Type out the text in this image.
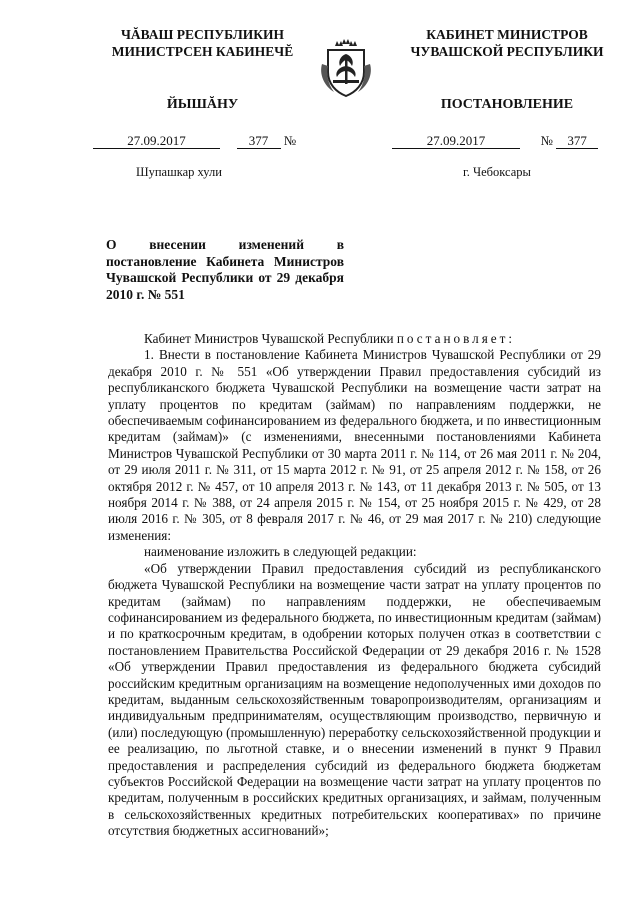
ЧĂВАШ РЕСПУБЛИКИН
МИНИСТРСЕН КАБИНЕЧĔ
ЙЫШĂНУ
КАБИНЕТ МИНИСТРОВ
ЧУВАШСКОЙ РЕСПУБЛИКИ
ПОСТАНОВЛЕНИЕ
27.09.2017	377 №	27.09.2017	№ 377
Шупашкар хули	г. Чебоксары
О внесении изменений в постановление Кабинета Министров Чувашской Республики от 29 декабря 2010 г. № 551

Кабинет Министров Чувашской Республики постановляет:

1. Внести в постановление Кабинета Министров Чувашской Республики от 29 декабря 2010 г. № 551 «Об утверждении Правил предоставления субсидий из республиканского бюджета Чувашской Республики на возмещение части затрат на уплату процентов по кредитам (займам) по направлениям поддержки, не обеспечиваемым софинансированием из федерального бюджета, и по инвестиционным кредитам (займам)» (с изменениями, внесенными постановлениями Кабинета Министров Чувашской Республики от 30 марта 2011 г. № 114, от 26 мая 2011 г. № 204, от 29 июля 2011 г. № 311, от 15 марта 2012 г. № 91, от 25 апреля 2012 г. № 158, от 26 октября 2012 г. № 457, от 10 апреля 2013 г. № 143, от 11 декабря 2013 г. № 505, от 13 ноября 2014 г. № 388, от 24 апреля 2015 г. № 154, от 25 ноября 2015 г. № 429, от 28 июля 2016 г. № 305, от 8 февраля 2017 г. № 46, от 29 мая 2017 г. № 210) следующие изменения:

наименование изложить в следующей редакции:

«Об утверждении Правил предоставления субсидий из республиканского бюджета Чувашской Республики на возмещение части затрат на уплату процентов по кредитам (займам) по направлениям поддержки, не обеспечиваемым софинансированием из федерального бюджета, по инвестиционным кредитам (займам) и по краткосрочным кредитам, в одобрении которых получен отказ в соответствии с постановлением Правительства Российской Федерации от 29 декабря 2016 г. № 1528 «Об утверждении Правил предоставления из федерального бюджета субсидий российским кредитным организациям на возмещение недополученных ими доходов по кредитам, выданным сельскохозяйственным товаропроизводителям, организациям и индивидуальным предпринимателям, осуществляющим производство, первичную и (или) последующую (промышленную) переработку сельскохозяйственной продукции и ее реализацию, по льготной ставке, и о внесении изменений в пункт 9 Правил предоставления и распределения субсидий из федерального бюджета бюджетам субъектов Российской Федерации на возмещение части затрат на уплату процентов по кредитам, полученным в российских кредитных организациях, и займам, полученным в сельскохозяйственных кредитных потребительских кооперативах» по причине отсутствия бюджетных ассигнований»;
